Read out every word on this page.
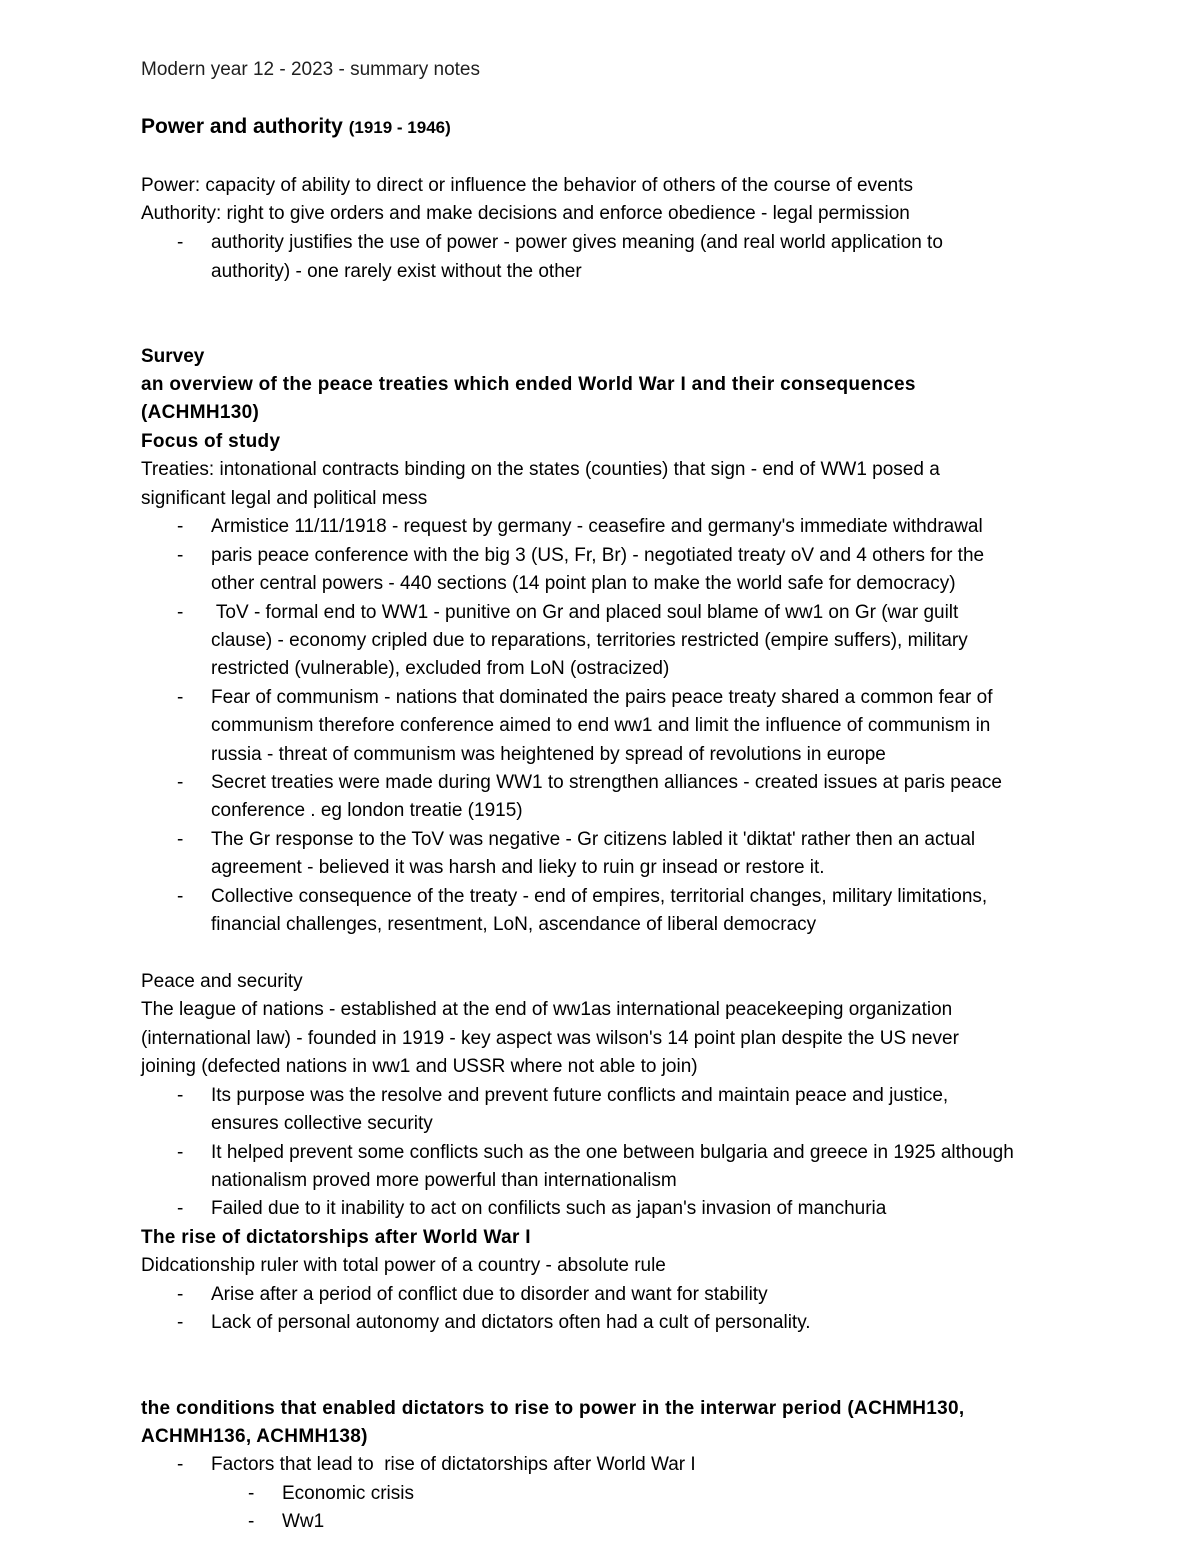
Modern year 12 - 2023 - summary notes
Power and authority (1919 - 1946)
Power: capacity of ability to direct or influence the behavior of others of the course of events
Authority: right to give orders and make decisions and enforce obedience - legal permission
-	authority justifies the use of power - power gives meaning (and real world application to
authority) - one rarely exist without the other
Survey
an overview of the peace treaties which ended World War I and their consequences
(ACHMH130)
Focus of study
Treaties: intonational contracts binding on the states (counties) that sign - end of WW1 posed a
significant legal and political mess
-	Armistice 11/11/1918 - request by germany - ceasefire and germany's immediate withdrawal
-	paris peace conference with the big 3 (US, Fr, Br) - negotiated treaty oV and 4 others for the
other central powers - 440 sections (14 point plan to make the world safe for democracy)
-	ToV - formal end to WW1 - punitive on Gr and placed soul blame of ww1 on Gr (war guilt
clause) - economy cripled due to reparations, territories restricted (empire suffers), military
restricted (vulnerable), excluded from LoN (ostracized)
-	Fear of communism - nations that dominated the pairs peace treaty shared a common fear of
communism therefore conference aimed to end ww1 and limit the influence of communism in
russia - threat of communism was heightened by spread of revolutions in europe
-	Secret treaties were made during WW1 to strengthen alliances - created issues at paris peace
conference . eg london treatie (1915)
-	The Gr response to the ToV was negative - Gr citizens labled it 'diktat' rather then an actual
agreement - believed it was harsh and lieky to ruin gr insead or restore it.
-	Collective consequence of the treaty - end of empires, territorial changes, military limitations,
financial challenges, resentment, LoN, ascendance of liberal democracy
Peace and security
The league of nations - established at the end of ww1as international peacekeeping organization
(international law) - founded in 1919 - key aspect was wilson's 14 point plan despite the US never
joining (defected nations in ww1 and USSR where not able to join)
-	Its purpose was the resolve and prevent future conflicts and maintain peace and justice,
ensures collective security
-	It helped prevent some conflicts such as the one between bulgaria and greece in 1925 although
nationalism proved more powerful than internationalism
-	Failed due to it inability to act on confilicts such as japan's invasion of manchuria
The rise of dictatorships after World War I
Didcationship ruler with total power of a country - absolute rule
-	Arise after a period of conflict due to disorder and want for stability
-	Lack of personal autonomy and dictators often had a cult of personality.
the conditions that enabled dictators to rise to power in the interwar period (ACHMH130,
ACHMH136, ACHMH138)
-	Factors that lead to  rise of dictatorships after World War I
-	Economic crisis
-	Ww1
